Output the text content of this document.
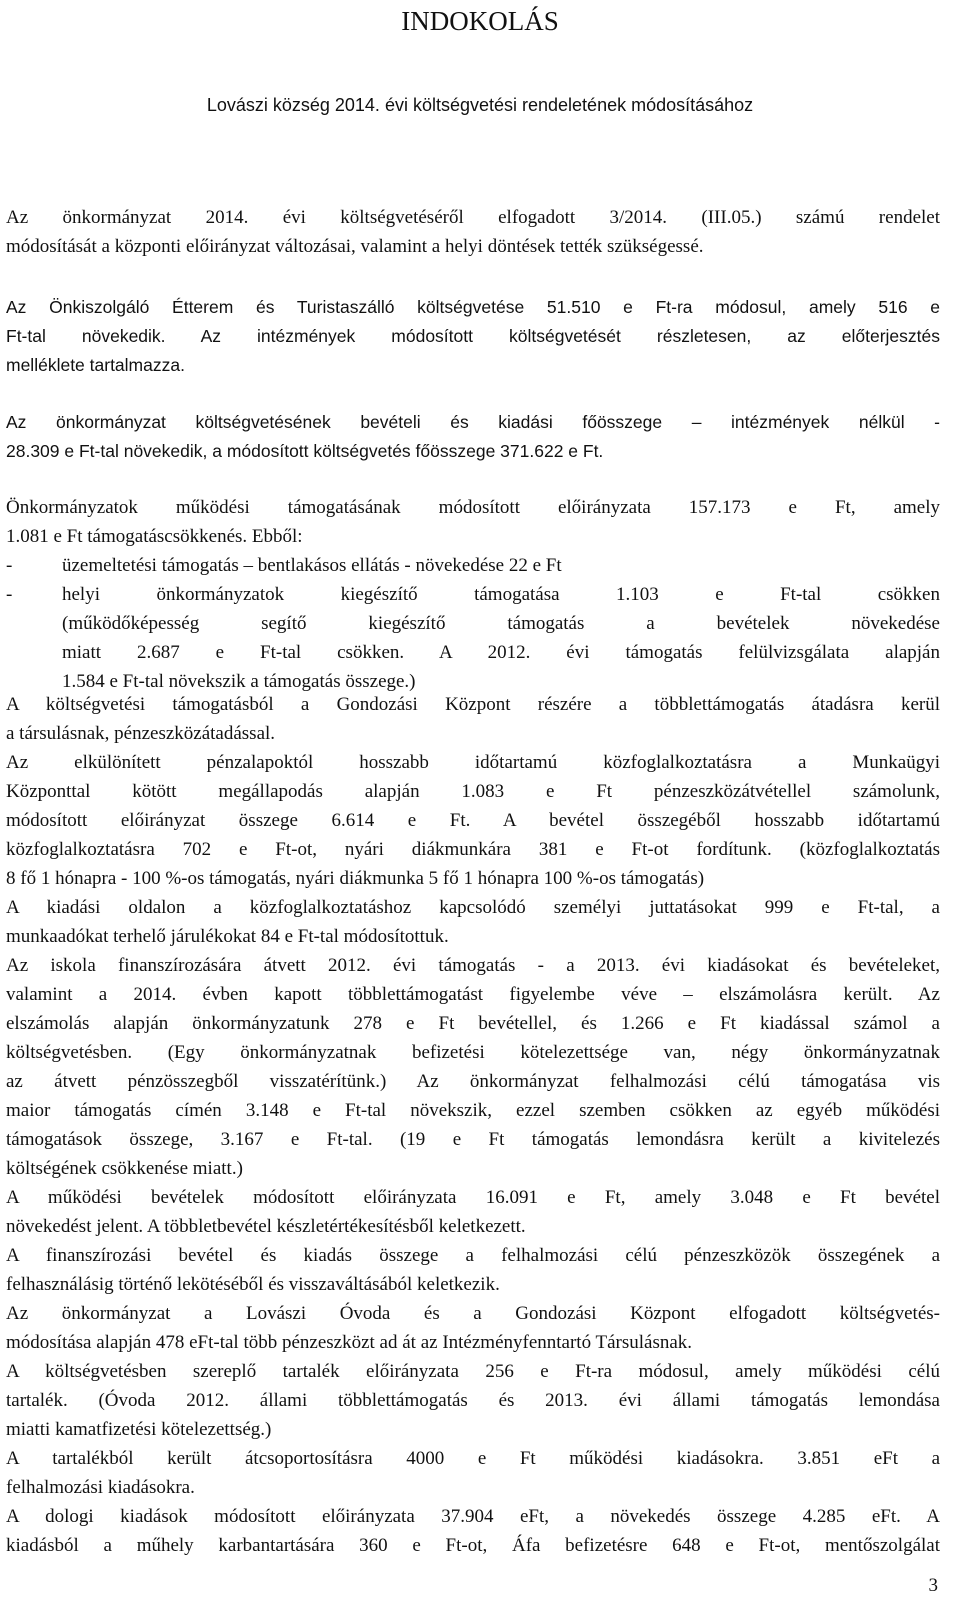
INDOKOLÁS

Lovászi község 2014. évi költségvetési rendeletének módosításához

Az önkormányzat 2014. évi költségvetéséről elfogadott 3/2014. (III.05.) számú rendelet
módosítását a központi előirányzat változásai, valamint a helyi döntések tették szükségessé.
Az Önkiszolgáló Étterem és Turistaszálló költségvetése 51.510 e Ft-ra módosul, amely 516 e
Ft-tal növekedik. Az intézmények módosított költségvetését részletesen, az előterjesztés
melléklete tartalmazza.
Az önkormányzat költségvetésének bevételi és kiadási főösszege – intézmények nélkül -
28.309 e Ft-tal növekedik, a módosított költségvetés főösszege 371.622 e Ft.
Önkormányzatok működési támogatásának módosított előirányzata 157.173 e Ft, amely
1.081 e Ft támogatáscsökkenés. Ebből:
-	üzemeltetési támogatás – bentlakásos ellátás - növekedése 22 e Ft
-	helyi önkormányzatok kiegészítő támogatása 1.103 e Ft-tal csökken
(működőképesség segítő kiegészítő támogatás a bevételek növekedése
miatt 2.687 e Ft-tal csökken. A 2012. évi támogatás felülvizsgálata alapján
1.584 e Ft-tal növekszik a támogatás összege.)
A költségvetési támogatásból a Gondozási Központ részére a többlettámogatás átadásra kerül
a társulásnak, pénzeszközátadással.
Az elkülönített pénzalapoktól hosszabb időtartamú közfoglalkoztatásra a Munkaügyi
Központtal kötött megállapodás alapján 1.083 e Ft pénzeszközátvétellel számolunk,
módosított előirányzat összege 6.614 e Ft. A bevétel összegéből hosszabb időtartamú
közfoglalkoztatásra 702 e Ft-ot, nyári diákmunkára 381 e Ft-ot fordítunk. (közfoglalkoztatás
8 fő 1 hónapra - 100 %-os támogatás, nyári diákmunka 5 fő 1 hónapra 100 %-os támogatás)
A kiadási oldalon a közfoglalkoztatáshoz kapcsolódó személyi juttatásokat 999 e Ft-tal, a
munkaadókat terhelő járulékokat 84 e Ft-tal módosítottuk.
Az iskola finanszírozására átvett 2012. évi támogatás - a 2013. évi kiadásokat és bevételeket,
valamint a 2014. évben kapott többlettámogatást figyelembe véve – elszámolásra került. Az
elszámolás alapján önkormányzatunk 278 e Ft bevétellel, és 1.266 e Ft kiadással számol a
költségvetésben. (Egy önkormányzatnak befizetési kötelezettsége van, négy önkormányzatnak
az átvett pénzösszegből visszatérítünk.) Az önkormányzat felhalmozási célú támogatása vis
maior támogatás címén 3.148 e Ft-tal növekszik, ezzel szemben csökken az egyéb működési
támogatások összege, 3.167 e Ft-tal. (19 e Ft támogatás lemondásra került a kivitelezés
költségének csökkenése miatt.)
A működési bevételek módosított előirányzata 16.091 e Ft, amely 3.048 e Ft bevétel
növekedést jelent. A többletbevétel készletértékesítésből keletkezett.
A finanszírozási bevétel és kiadás összege a felhalmozási célú pénzeszközök összegének a
felhasználásig történő lekötéséből és visszaváltásából keletkezik.
Az önkormányzat a Lovászi Óvoda és a Gondozási Központ elfogadott költségvetés-
módosítása alapján 478 eFt-tal több pénzeszközt ad át az Intézményfenntartó Társulásnak.
A költségvetésben szereplő tartalék előirányzata 256 e Ft-ra módosul, amely működési célú
tartalék. (Óvoda 2012. állami többlettámogatás és 2013. évi állami támogatás lemondása
miatti kamatfizetési kötelezettség.)
A tartalékból került átcsoportosításra 4000 e Ft működési kiadásokra. 3.851 eFt a
felhalmozási kiadásokra.
A dologi kiadások módosított előirányzata 37.904 eFt, a növekedés összege 4.285 eFt. A
kiadásból a műhely karbantartására 360 e Ft-ot, Áfa befizetésre 648 e Ft-ot, mentőszolgálat
3
